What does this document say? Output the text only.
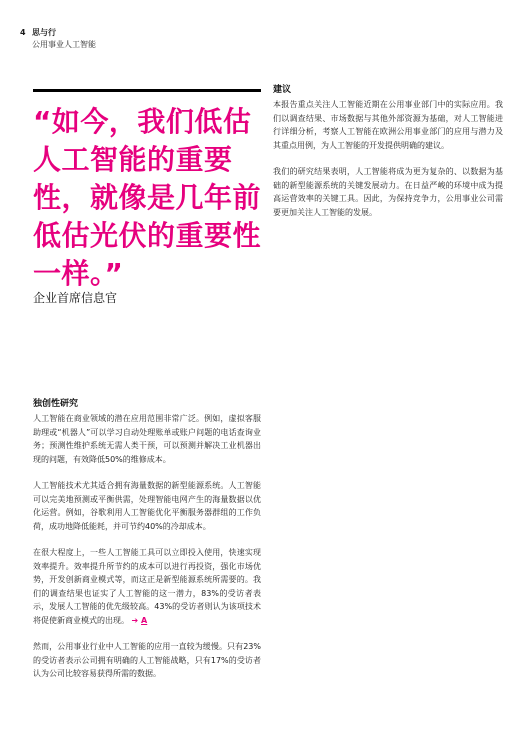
4 思与行
公用事业人工智能
“如今，我们低估人工智能的重要性，就像是几年前低估光伏的重要性一样。”
企业首席信息官
建议

本报告重点关注人工智能近期在公用事业部门中的实际应用。我们以调查结果、市场数据与其他外部资源为基础，对人工智能进行详细分析，考察人工智能在欧洲公用事业部门的应用与潜力及其重点用例，为人工智能的开发提供明确的建议。

我们的研究结果表明，人工智能将成为更为复杂的、以数据为基础的新型能源系统的关键发展动力。在日益严峻的环境中成为提高运营效率的关键工具。因此，为保持竞争力，公用事业公司需要更加关注人工智能的发展。

独创性研究

人工智能在商业领域的潜在应用范围非常广泛。例如，虚拟客服助理或“机器人”可以学习自动处理账单或账户问题的电话查询业务；预测性维护系统无需人类干预，可以预测并解决工业机器出现的问题，有效降低50%的维修成本。

人工智能技术尤其适合拥有海量数据的新型能源系统。人工智能可以完美地预测或平衡供需，处理智能电网产生的海量数据以优化运营。例如，谷歌利用人工智能优化平衡服务器群组的工作负荷，成功地降低能耗，并可节约40%的冷却成本。

在很大程度上，一些人工智能工具可以立即投入使用，快速实现效率提升。效率提升所节约的成本可以进行再投资，强化市场优势，开发创新商业模式等，而这正是新型能源系统所需要的。我们的调查结果也证实了人工智能的这一潜力，83%的受访者表示，发展人工智能的优先级较高。43%的受访者则认为该项技术将促使新商业模式的出现。 ➔ A

然而，公用事业行业中人工智能的应用一直较为缓慢。只有23%的受访者表示公司拥有明确的人工智能战略，只有17%的受访者认为公司比较容易获得所需的数据。
